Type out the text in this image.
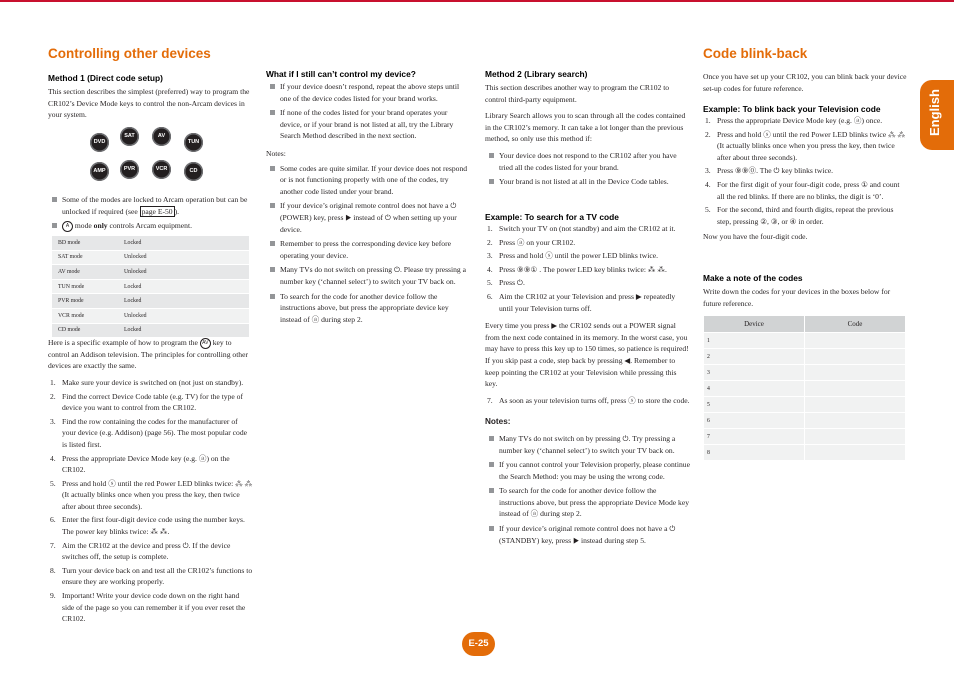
Controlling other devices
Method 1 (Direct code setup)
This section describes the simplest (preferred) way to program the CR102’s Device Mode keys to control the non-Arcam devices in your system.
DVD
SAT	AV
TUN
AMP	PVR	VCR	CD
Some of the modes are locked to Arcam operation but can be unlocked if required (see page E-50 ).
A mode only controls Arcam equipment.
BD mode	Locked
SAT mode	Unlocked
AV mode	Unlocked
TUN mode	Locked
PVR mode	Locked
VCR mode	Unlocked
CD mode	Locked

Here is a specific example of how to program the AV key to control an Addison television. The principles for controlling other devices are exactly the same.

1. Make sure your device is switched on (not just on standby).
2. Find the correct Device Code table (e.g. TV) for the type of device you want to control from the CR102.
3. Find the row containing the codes for the manufacturer of your device (e.g. Addison) (page 56). The most popular code is listed first.
4. Press the appropriate Device Mode key (e.g. ⓐ) on the CR102.
5. Press and hold ⓢ until the red Power LED blinks twice: ⁂ ⁂ (It actually blinks once when you press the key, then twice after about three seconds).
6. Enter the first four-digit device code using the number keys. The power key blinks twice: ⁂ ⁂.
7. Aim the CR102 at the device and press ⏻. If the device switches off, the setup is complete.
8. Turn your device back on and test all the CR102’s functions to ensure they are working properly.
9. Important! Write your device code down on the right hand side of the page so you can remember it if you ever reset the CR102.
What if I still can’t control my device?
If your device doesn’t respond, repeat the above steps until one of the device codes listed for your brand works.
If none of the codes listed for your brand operates your device, or if your brand is not listed at all, try the Library Search Method described in the next section.

Notes:

Some codes are quite similar. If your device does not respond or is not functioning properly with one of the codes, try another code listed under your brand.
If your device’s original remote control does not have a ⏻ (POWER) key, press ▶ instead of ⏻ when setting up your device.
Remember to press the corresponding device key before operating your device.
Many TVs do not switch on pressing ⏻. Please try pressing a number key (‘channel select’) to switch your TV back on.
To search for the code for another device follow the instructions above, but press the appropriate device key instead of ⓐ during step 2.
Method 2 (Library search)

This section describes another way to program the CR102 to control third-party equipment.

Library Search allows you to scan through all the codes contained in the CR102’s memory. It can take a lot longer than the previous method, so only use this method if:

Your device does not respond to the CR102 after you have tried all the codes listed for your brand.
Your brand is not listed at all in the Device Code tables.
Example: To search for a TV code
1. Switch your TV on (not standby) and aim the CR102 at it.
2. Press ⓐ on your CR102.
3. Press and hold ⓢ until the power LED blinks twice.
4. Press ⑨⑨① . The power LED key blinks twice: ⁂ ⁂.
5. Press ⏻.
6. Aim the CR102 at your Television and press ▶ repeatedly until your Television turns off.

Every time you press ▶ the CR102 sends out a POWER signal from the next code contained in its memory. In the worst case, you may have to press this key up to 150 times, so patience is required! If you skip past a code, step back by pressing ◀. Remember to keep pointing the CR102 at your Television while pressing this key.

7. As soon as your television turns off, press ⓢ to store the code.

Notes:

Many TVs do not switch on by pressing ⏻. Try pressing a number key (‘channel select’) to switch your TV back on.
If you cannot control your Television properly, please continue the Search Method: you may be using the wrong code.
To search for the code for another device follow the instructions above, but press the appropriate Device Mode key instead of ⓐ during step 2.
If your device’s original remote control does not have a ⏻ (STANDBY) key, press ▶ instead during step 5.
Code blink-back
Once you have set up your CR102, you can blink back your device set-up codes for future reference.
Example: To blink back your Television code
1. Press the appropriate Device Mode key (e.g. ⓐ) once.
2. Press and hold ⓢ until the red Power LED blinks twice ⁂ ⁂ (It actually blinks once when you press the key, then twice after about three seconds).
3. Press ⑨⑨⓪. The ⏻ key blinks twice.
4. For the first digit of your four-digit code, press ① and count all the red blinks. If there are no blinks, the digit is ‘0’.
5. For the second, third and fourth digits, repeat the previous step, pressing ②, ③, or ④ in order.

Now you have the four-digit code.

Make a note of the codes
Write down the codes for your devices in the boxes below for future reference.
Device	Code
1	
2	
3	
4	
5	
6	
7	
8	
English
E-25
